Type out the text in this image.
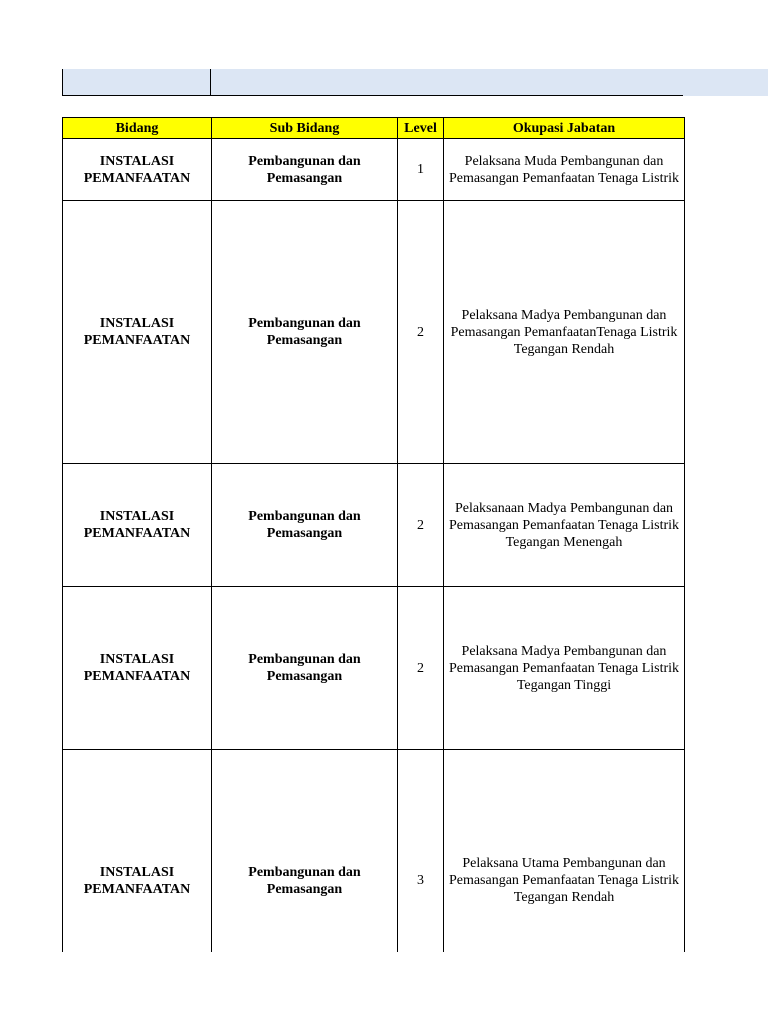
Bidang	Sub Bidang	Level	Okupasi Jabatan
INSTALASI PEMANFAATAN	Pembangunan dan Pemasangan	1	Pelaksana Muda Pembangunan dan Pemasangan Pemanfaatan Tenaga Listrik
INSTALASI PEMANFAATAN	Pembangunan dan Pemasangan	2	Pelaksana Madya Pembangunan dan Pemasangan PemanfaatanTenaga Listrik Tegangan Rendah
INSTALASI PEMANFAATAN	Pembangunan dan Pemasangan	2	Pelaksanaan Madya Pembangunan dan Pemasangan Pemanfaatan Tenaga Listrik Tegangan Menengah
INSTALASI PEMANFAATAN	Pembangunan dan Pemasangan	2	Pelaksana Madya Pembangunan dan Pemasangan Pemanfaatan Tenaga Listrik Tegangan Tinggi
INSTALASI PEMANFAATAN	Pembangunan dan Pemasangan	3	Pelaksana Utama Pembangunan dan Pemasangan Pemanfaatan Tenaga Listrik Tegangan Rendah
